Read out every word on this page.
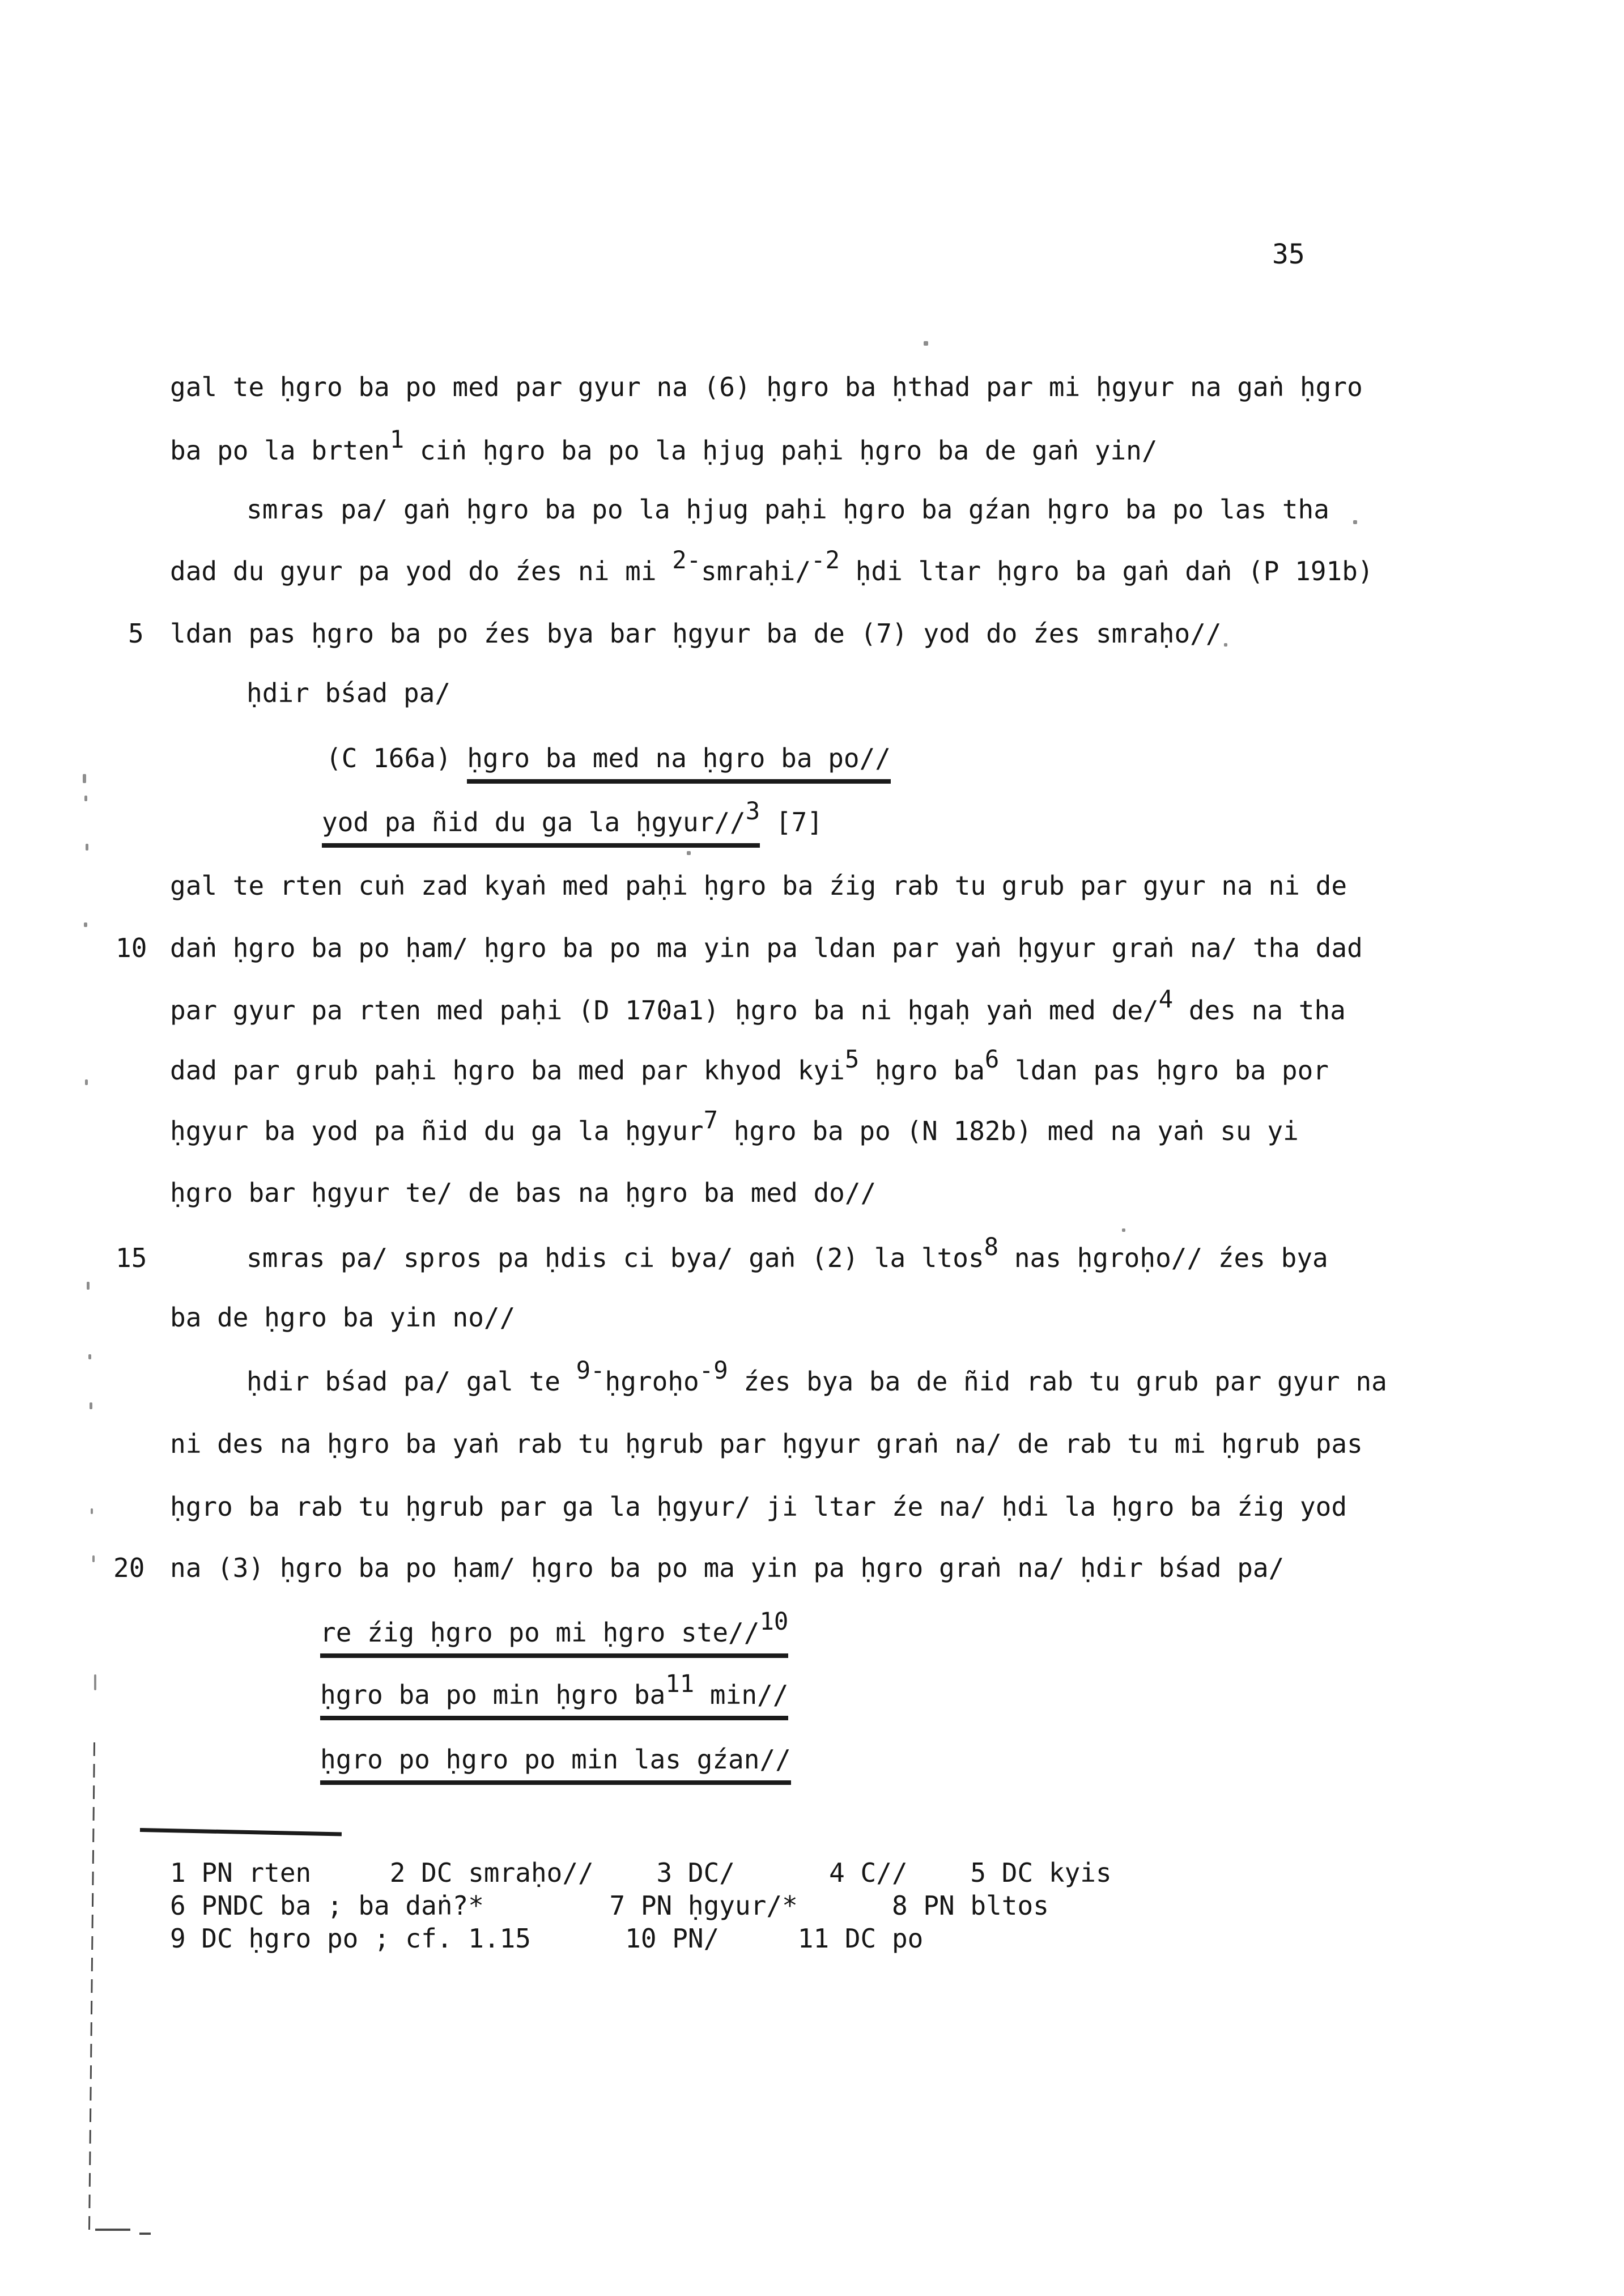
35
gal te ḥgro ba po med par gyur na (6) ḥgro ba ḥthad par mi ḥgyur na gaṅ ḥgro
ba po la brten1 ciṅ ḥgro ba po la ḥjug paḥi ḥgro ba de gaṅ yin/
smras pa/ gaṅ ḥgro ba po la ḥjug paḥi ḥgro ba gźan ḥgro ba po las tha
dad du gyur pa yod do źes ni mi 2-smraḥi/-2 ḥdi ltar ḥgro ba gaṅ daṅ (P 191b)
ldan pas ḥgro ba po źes bya bar ḥgyur ba de (7) yod do źes smraḥo//
ḥdir bśad pa/
(C 166a) ḥgro ba med na ḥgro ba po//
yod pa ñid du ga la ḥgyur//3 [7]
gal te rten cuṅ zad kyaṅ med paḥi ḥgro ba źig rab tu grub par gyur na ni de
daṅ ḥgro ba po ḥam/ ḥgro ba po ma yin pa ldan par yaṅ ḥgyur graṅ na/ tha dad
par gyur pa rten med paḥi (D 170a1) ḥgro ba ni ḥgaḥ yaṅ med de/4 des na tha
dad par grub paḥi ḥgro ba med par khyod kyi5 ḥgro ba6 ldan pas ḥgro ba por
ḥgyur ba yod pa ñid du ga la ḥgyur7 ḥgro ba po (N 182b) med na yaṅ su yi
ḥgro bar ḥgyur te/ de bas na ḥgro ba med do//
smras pa/ spros pa ḥdis ci bya/ gaṅ (2) la ltos8 nas ḥgroḥo// źes bya
ba de ḥgro ba yin no//
ḥdir bśad pa/ gal te 9-ḥgroḥo-9 źes bya ba de ñid rab tu grub par gyur na
ni des na ḥgro ba yaṅ rab tu ḥgrub par ḥgyur graṅ na/ de rab tu mi ḥgrub pas
ḥgro ba rab tu ḥgrub par ga la ḥgyur/ ji ltar źe na/ ḥdi la ḥgro ba źig yod
na (3) ḥgro ba po ḥam/ ḥgro ba po ma yin pa ḥgro graṅ na/ ḥdir bśad pa/
re źig ḥgro po mi ḥgro ste//10
ḥgro ba po min ḥgro ba11 min//
ḥgro po ḥgro po min las gźan//
1 PN rten     2 DC smraḥo//    3 DC/      4 C//    5 DC kyis
6 PNDC ba ; ba daṅ?*        7 PN ḥgyur/*      8 PN bltos
9 DC ḥgro po ; cf. 1.15      10 PN/     11 DC po
5
10
15
20
